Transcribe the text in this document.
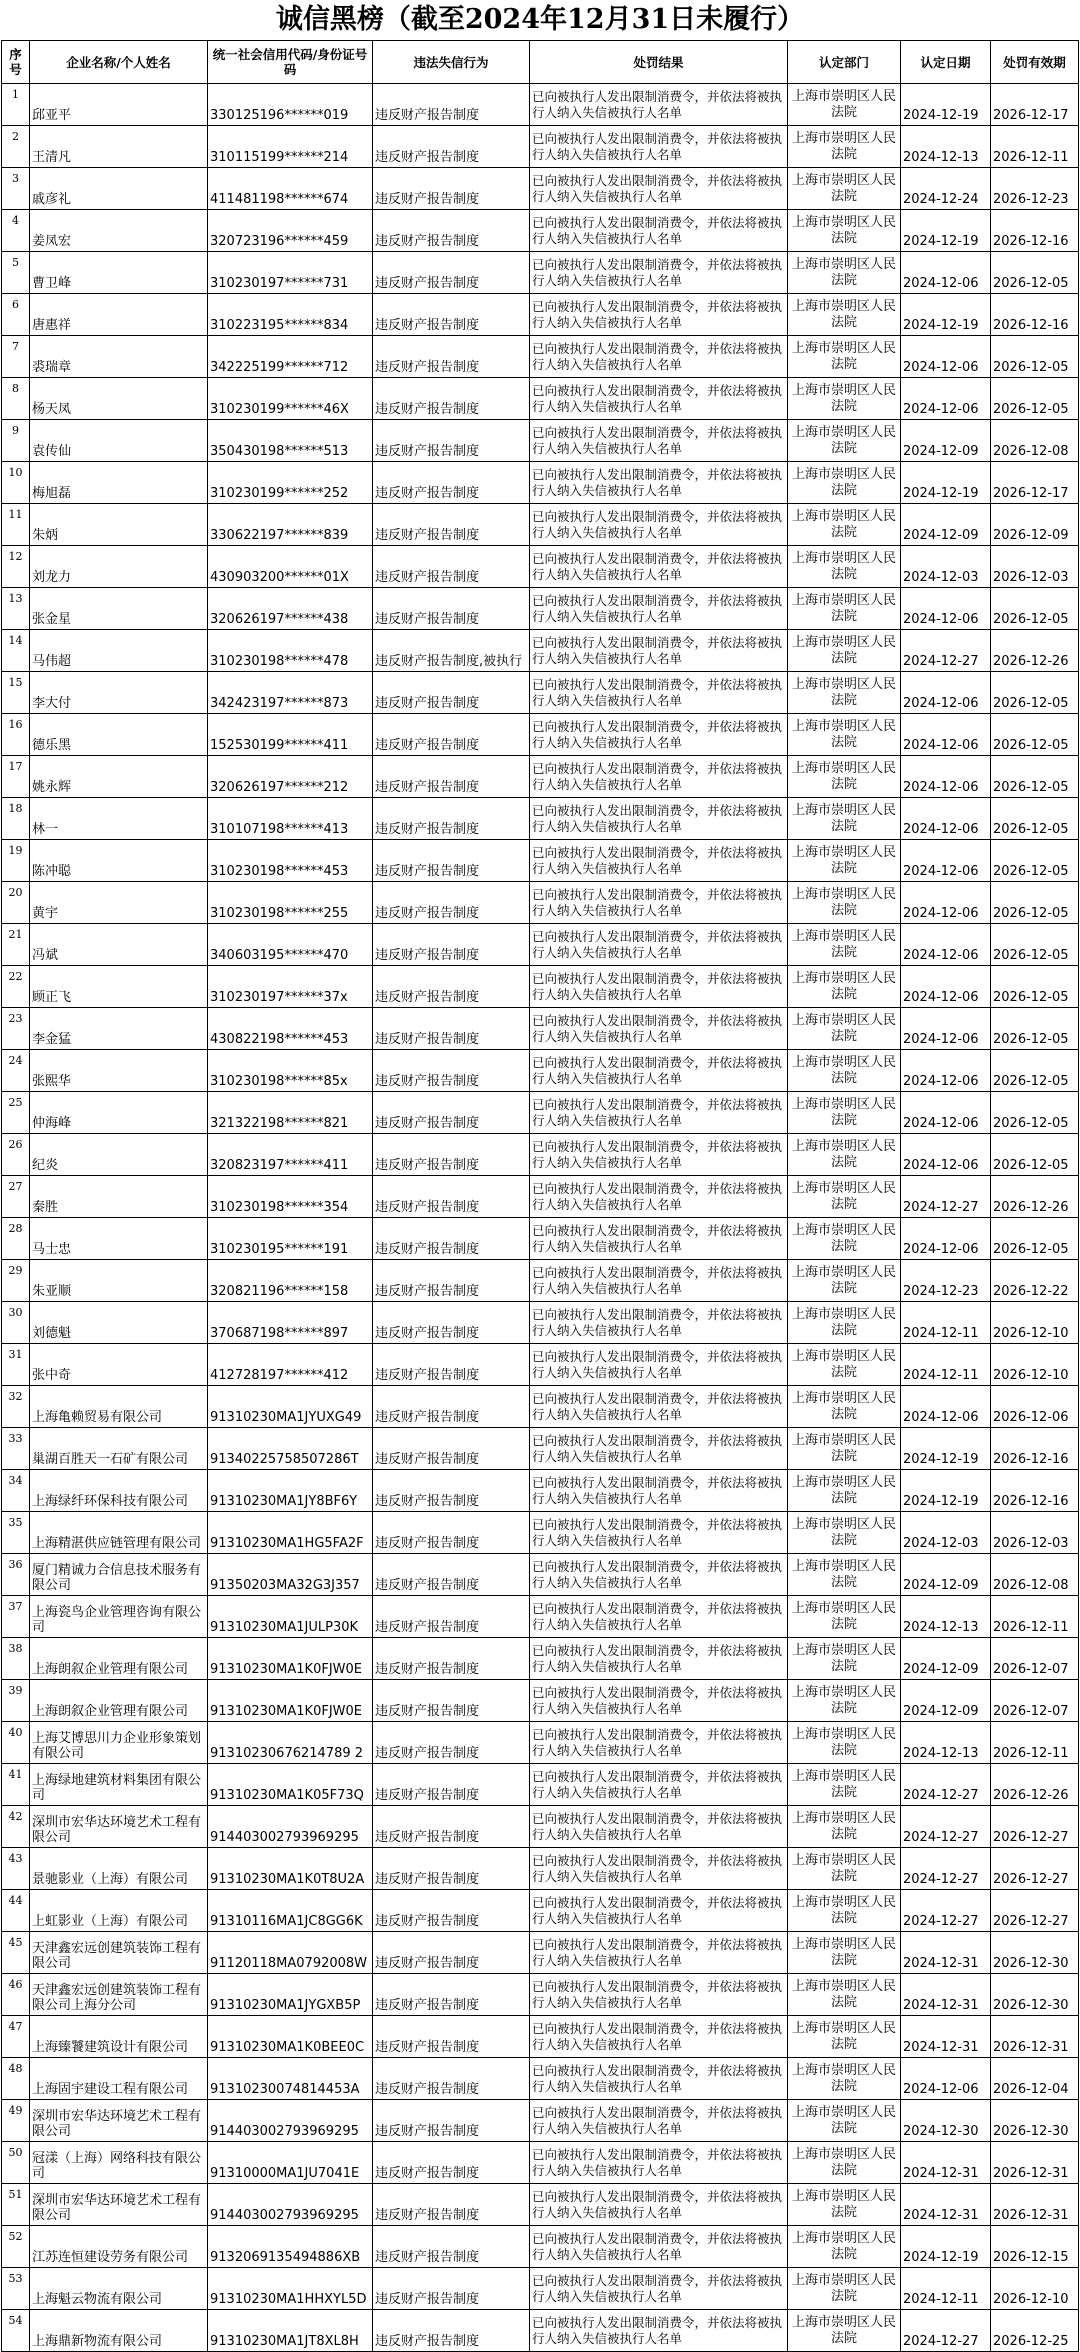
诚信黑榜（截至2024年12月31日未履行）
序号	企业名称/个人姓名	统一社会信用代码/身份证号码	违法失信行为	处罚结果	认定部门	认定日期	处罚有效期
1	邱亚平	330125196******019	违反财产报告制度	已向被执行人发出限制消费令，并依法将被执行人纳入失信被执行人名单	上海市崇明区人民法院	2024-12-19	2026-12-17
2	王清凡	310115199******214	违反财产报告制度	已向被执行人发出限制消费令，并依法将被执行人纳入失信被执行人名单	上海市崇明区人民法院	2024-12-13	2026-12-11
3	戚彦礼	411481198******674	违反财产报告制度	已向被执行人发出限制消费令，并依法将被执行人纳入失信被执行人名单	上海市崇明区人民法院	2024-12-24	2026-12-23
4	姜凤宏	320723196******459	违反财产报告制度	已向被执行人发出限制消费令，并依法将被执行人纳入失信被执行人名单	上海市崇明区人民法院	2024-12-19	2026-12-16
5	曹卫峰	310230197******731	违反财产报告制度	已向被执行人发出限制消费令，并依法将被执行人纳入失信被执行人名单	上海市崇明区人民法院	2024-12-06	2026-12-05
6	唐惠祥	310223195******834	违反财产报告制度	已向被执行人发出限制消费令，并依法将被执行人纳入失信被执行人名单	上海市崇明区人民法院	2024-12-19	2026-12-16
7	裘瑞章	342225199******712	违反财产报告制度	已向被执行人发出限制消费令，并依法将被执行人纳入失信被执行人名单	上海市崇明区人民法院	2024-12-06	2026-12-05
8	杨天凤	310230199******46X	违反财产报告制度	已向被执行人发出限制消费令，并依法将被执行人纳入失信被执行人名单	上海市崇明区人民法院	2024-12-06	2026-12-05
9	袁传仙	350430198******513	违反财产报告制度	已向被执行人发出限制消费令，并依法将被执行人纳入失信被执行人名单	上海市崇明区人民法院	2024-12-09	2026-12-08
10	梅旭磊	310230199******252	违反财产报告制度	已向被执行人发出限制消费令，并依法将被执行人纳入失信被执行人名单	上海市崇明区人民法院	2024-12-19	2026-12-17
11	朱炳	330622197******839	违反财产报告制度	已向被执行人发出限制消费令，并依法将被执行人纳入失信被执行人名单	上海市崇明区人民法院	2024-12-09	2026-12-09
12	刘龙力	430903200******01X	违反财产报告制度	已向被执行人发出限制消费令，并依法将被执行人纳入失信被执行人名单	上海市崇明区人民法院	2024-12-03	2026-12-03
13	张金星	320626197******438	违反财产报告制度	已向被执行人发出限制消费令，并依法将被执行人纳入失信被执行人名单	上海市崇明区人民法院	2024-12-06	2026-12-05
14	马伟超	310230198******478	违反财产报告制度,被执行	已向被执行人发出限制消费令，并依法将被执行人纳入失信被执行人名单	上海市崇明区人民法院	2024-12-27	2026-12-26
15	李大付	342423197******873	违反财产报告制度	已向被执行人发出限制消费令，并依法将被执行人纳入失信被执行人名单	上海市崇明区人民法院	2024-12-06	2026-12-05
16	德乐黑	152530199******411	违反财产报告制度	已向被执行人发出限制消费令，并依法将被执行人纳入失信被执行人名单	上海市崇明区人民法院	2024-12-06	2026-12-05
17	姚永辉	320626197******212	违反财产报告制度	已向被执行人发出限制消费令，并依法将被执行人纳入失信被执行人名单	上海市崇明区人民法院	2024-12-06	2026-12-05
18	林一	310107198******413	违反财产报告制度	已向被执行人发出限制消费令，并依法将被执行人纳入失信被执行人名单	上海市崇明区人民法院	2024-12-06	2026-12-05
19	陈冲聪	310230198******453	违反财产报告制度	已向被执行人发出限制消费令，并依法将被执行人纳入失信被执行人名单	上海市崇明区人民法院	2024-12-06	2026-12-05
20	黄宇	310230198******255	违反财产报告制度	已向被执行人发出限制消费令，并依法将被执行人纳入失信被执行人名单	上海市崇明区人民法院	2024-12-06	2026-12-05
21	冯斌	340603195******470	违反财产报告制度	已向被执行人发出限制消费令，并依法将被执行人纳入失信被执行人名单	上海市崇明区人民法院	2024-12-06	2026-12-05
22	顾正飞	310230197******37x	违反财产报告制度	已向被执行人发出限制消费令，并依法将被执行人纳入失信被执行人名单	上海市崇明区人民法院	2024-12-06	2026-12-05
23	李金猛	430822198******453	违反财产报告制度	已向被执行人发出限制消费令，并依法将被执行人纳入失信被执行人名单	上海市崇明区人民法院	2024-12-06	2026-12-05
24	张熙华	310230198******85x	违反财产报告制度	已向被执行人发出限制消费令，并依法将被执行人纳入失信被执行人名单	上海市崇明区人民法院	2024-12-06	2026-12-05
25	仲海峰	321322198******821	违反财产报告制度	已向被执行人发出限制消费令，并依法将被执行人纳入失信被执行人名单	上海市崇明区人民法院	2024-12-06	2026-12-05
26	纪炎	320823197******411	违反财产报告制度	已向被执行人发出限制消费令，并依法将被执行人纳入失信被执行人名单	上海市崇明区人民法院	2024-12-06	2026-12-05
27	秦胜	310230198******354	违反财产报告制度	已向被执行人发出限制消费令，并依法将被执行人纳入失信被执行人名单	上海市崇明区人民法院	2024-12-27	2026-12-26
28	马士忠	310230195******191	违反财产报告制度	已向被执行人发出限制消费令，并依法将被执行人纳入失信被执行人名单	上海市崇明区人民法院	2024-12-06	2026-12-05
29	朱亚顺	320821196******158	违反财产报告制度	已向被执行人发出限制消费令，并依法将被执行人纳入失信被执行人名单	上海市崇明区人民法院	2024-12-23	2026-12-22
30	刘德魁	370687198******897	违反财产报告制度	已向被执行人发出限制消费令，并依法将被执行人纳入失信被执行人名单	上海市崇明区人民法院	2024-12-11	2026-12-10
31	张中奇	412728197******412	违反财产报告制度	已向被执行人发出限制消费令，并依法将被执行人纳入失信被执行人名单	上海市崇明区人民法院	2024-12-11	2026-12-10
32	上海亀赖贸易有限公司	91310230MA1JYUXG49	违反财产报告制度	已向被执行人发出限制消费令，并依法将被执行人纳入失信被执行人名单	上海市崇明区人民法院	2024-12-06	2026-12-06
33	巢湖百胜天一石矿有限公司	91340225758507286T	违反财产报告制度	已向被执行人发出限制消费令，并依法将被执行人纳入失信被执行人名单	上海市崇明区人民法院	2024-12-19	2026-12-16
34	上海绿纤环保科技有限公司	91310230MA1JY8BF6Y	违反财产报告制度	已向被执行人发出限制消费令，并依法将被执行人纳入失信被执行人名单	上海市崇明区人民法院	2024-12-19	2026-12-16
35	上海精湛供应链管理有限公司	91310230MA1HG5FA2F	违反财产报告制度	已向被执行人发出限制消费令，并依法将被执行人纳入失信被执行人名单	上海市崇明区人民法院	2024-12-03	2026-12-03
36	厦门精诚力合信息技术服务有限公司	91350203MA32G3J357	违反财产报告制度	已向被执行人发出限制消费令，并依法将被执行人纳入失信被执行人名单	上海市崇明区人民法院	2024-12-09	2026-12-08
37	上海瓷鸟企业管理咨询有限公司	91310230MA1JULP30K	违反财产报告制度	已向被执行人发出限制消费令，并依法将被执行人纳入失信被执行人名单	上海市崇明区人民法院	2024-12-13	2026-12-11
38	上海朗叙企业管理有限公司	91310230MA1K0FJW0E	违反财产报告制度	已向被执行人发出限制消费令，并依法将被执行人纳入失信被执行人名单	上海市崇明区人民法院	2024-12-09	2026-12-07
39	上海朗叙企业管理有限公司	91310230MA1K0FJW0E	违反财产报告制度	已向被执行人发出限制消费令，并依法将被执行人纳入失信被执行人名单	上海市崇明区人民法院	2024-12-09	2026-12-07
40	上海艾博思川力企业形象策划有限公司	91310230676214789 2	违反财产报告制度	已向被执行人发出限制消费令，并依法将被执行人纳入失信被执行人名单	上海市崇明区人民法院	2024-12-13	2026-12-11
41	上海绿地建筑材料集团有限公司	91310230MA1K05F73Q	违反财产报告制度	已向被执行人发出限制消费令，并依法将被执行人纳入失信被执行人名单	上海市崇明区人民法院	2024-12-27	2026-12-26
42	深圳市宏华达环境艺术工程有限公司	914403002793969295	违反财产报告制度	已向被执行人发出限制消费令，并依法将被执行人纳入失信被执行人名单	上海市崇明区人民法院	2024-12-27	2026-12-27
43	景驰影业（上海）有限公司	91310230MA1K0T8U2A	违反财产报告制度	已向被执行人发出限制消费令，并依法将被执行人纳入失信被执行人名单	上海市崇明区人民法院	2024-12-27	2026-12-27
44	上虹影业（上海）有限公司	91310116MA1JC8GG6K	违反财产报告制度	已向被执行人发出限制消费令，并依法将被执行人纳入失信被执行人名单	上海市崇明区人民法院	2024-12-27	2026-12-27
45	天津鑫宏远创建筑装饰工程有限公司	91120118MA0792008W	违反财产报告制度	已向被执行人发出限制消费令，并依法将被执行人纳入失信被执行人名单	上海市崇明区人民法院	2024-12-31	2026-12-30
46	天津鑫宏远创建筑装饰工程有限公司上海分公司	91310230MA1JYGXB5P	违反财产报告制度	已向被执行人发出限制消费令，并依法将被执行人纳入失信被执行人名单	上海市崇明区人民法院	2024-12-31	2026-12-30
47	上海臻饕建筑设计有限公司	91310230MA1K0BEE0C	违反财产报告制度	已向被执行人发出限制消费令，并依法将被执行人纳入失信被执行人名单	上海市崇明区人民法院	2024-12-31	2026-12-31
48	上海固宇建设工程有限公司	91310230074814453A	违反财产报告制度	已向被执行人发出限制消费令，并依法将被执行人纳入失信被执行人名单	上海市崇明区人民法院	2024-12-06	2026-12-04
49	深圳市宏华达环境艺术工程有限公司	914403002793969295	违反财产报告制度	已向被执行人发出限制消费令，并依法将被执行人纳入失信被执行人名单	上海市崇明区人民法院	2024-12-30	2026-12-30
50	冠漾（上海）网络科技有限公司	91310000MA1JU7041E	违反财产报告制度	已向被执行人发出限制消费令，并依法将被执行人纳入失信被执行人名单	上海市崇明区人民法院	2024-12-31	2026-12-31
51	深圳市宏华达环境艺术工程有限公司	914403002793969295	违反财产报告制度	已向被执行人发出限制消费令，并依法将被执行人纳入失信被执行人名单	上海市崇明区人民法院	2024-12-31	2026-12-31
52	江苏连恒建设劳务有限公司	9132069135494886XB	违反财产报告制度	已向被执行人发出限制消费令，并依法将被执行人纳入失信被执行人名单	上海市崇明区人民法院	2024-12-19	2026-12-15
53	上海魁云物流有限公司	91310230MA1HHXYL5D	违反财产报告制度	已向被执行人发出限制消费令，并依法将被执行人纳入失信被执行人名单	上海市崇明区人民法院	2024-12-11	2026-12-10
54	上海鼎新物流有限公司	91310230MA1JT8XL8H	违反财产报告制度	已向被执行人发出限制消费令，并依法将被执行人纳入失信被执行人名单	上海市崇明区人民法院	2024-12-27	2026-12-25
